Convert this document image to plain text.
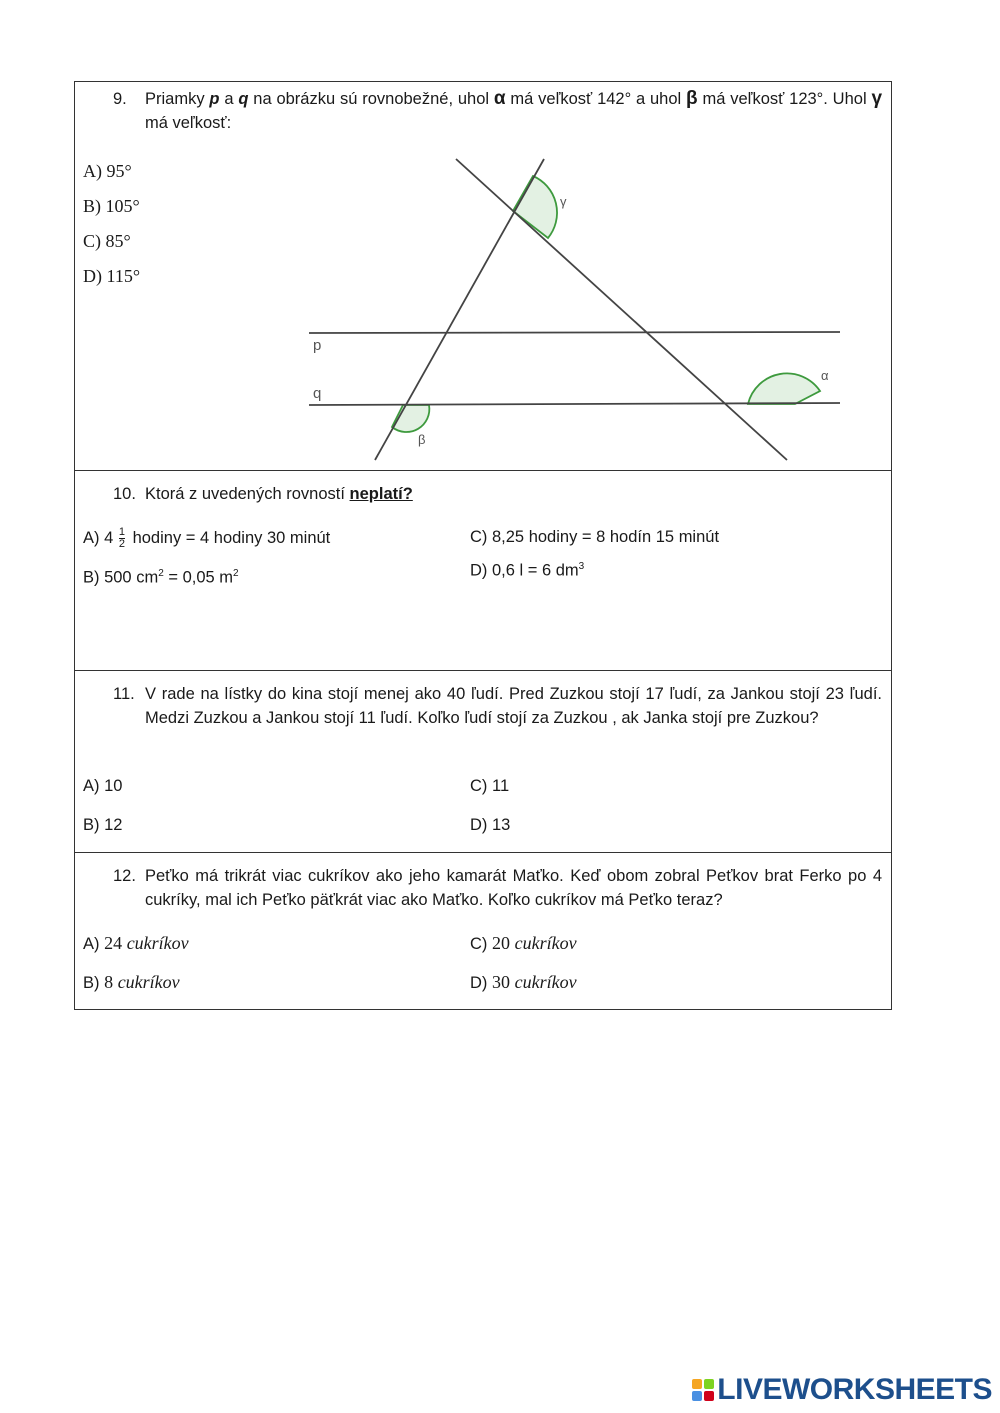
9. Priamky p a q na obrázku sú rovnobežné, uhol α má veľkosť 142° a uhol β má veľkosť 123°. Uhol γ má veľkosť:
A) 95°
B) 105°
C) 85°
D) 115°
p
q
γ
α
β
10. Ktorá z uvedených rovností neplatí?
A) $4 \frac{1}{2}$ hodiny = 4 hodiny 30 minút
B) 500 $cm^2 = 0,05$ $m^2$
C) 8,25 hodiny = 8 hodín 15 minút
D) 0,6 l = 6 $dm^3$
11. V rade na lístky do kina stojí menej ako 40 ľudí. Pred Zuzkou stojí 17 ľudí, za Jankou stojí 23 ľudí. Medzi Zuzkou a Jankou stojí 11 ľudí. Koľko ľudí stojí za Zuzkou , ak Janka stojí pre Zuzkou?
A) 10
B) 12
C) 11
D) 13
12. Peťko má trikrát viac cukríkov ako jeho kamarát Maťko. Keď obom zobral Peťkov brat Ferko po 4 cukríky, mal ich Peťko päťkrát viac ako Maťko. Koľko cukríkov má Peťko teraz?
A) 24 cukríkov
B) 8 cukríkov
C) 20 cukríkov
D) 30 cukríkov
LIVEWORKSHEETS
